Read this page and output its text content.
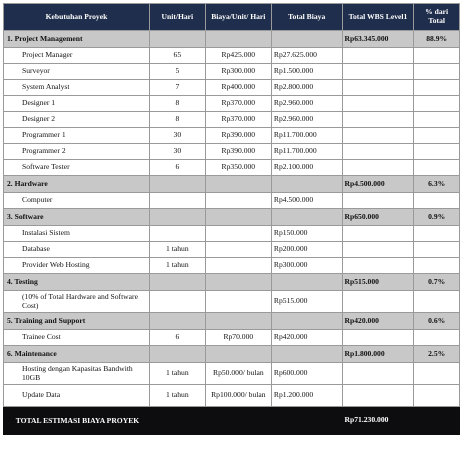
Kebutuhan Proyek	Unit/Hari	Biaya/Unit/ Hari	Total Biaya	Total WBS Level1	% dari Total
1. Project Management				Rp63.345.000	88.9%
Project Manager	65	Rp425.000	Rp27.625.000		
Surveyor	5	Rp300.000	Rp1.500.000		
System Analyst	7	Rp400.000	Rp2.800.000		
Designer 1	8	Rp370.000	Rp2.960.000		
Designer 2	8	Rp370.000	Rp2.960.000		
Programmer 1	30	Rp390.000	Rp11.700.000		
Programmer 2	30	Rp390.000	Rp11.700.000		
Software Tester	6	Rp350.000	Rp2.100.000		
2. Hardware				Rp4.500.000	6.3%
Computer			Rp4.500.000		
3. Software				Rp650.000	0.9%
Instalasi Sistem			Rp150.000		
Database	1 tahun		Rp200.000		
Provider Web Hosting	1 tahun		Rp300.000		
4. Testing				Rp515.000	0.7%
(10% of Total Hardware and Software Cost)			Rp515.000		
5. Training and Support				Rp420.000	0.6%
Trainee Cost	6	Rp70.000	Rp420.000		
6. Maintenance				Rp1.800.000	2.5%
Hosting dengan Kapasitas Bandwith 10GB	1 tahun	Rp50.000/ bulan	Rp600.000		
Update Data	1 tahun	Rp100.000/ bulan	Rp1.200.000		
TOTAL ESTIMASI BIAYA PROYEK				Rp71.230.000	
